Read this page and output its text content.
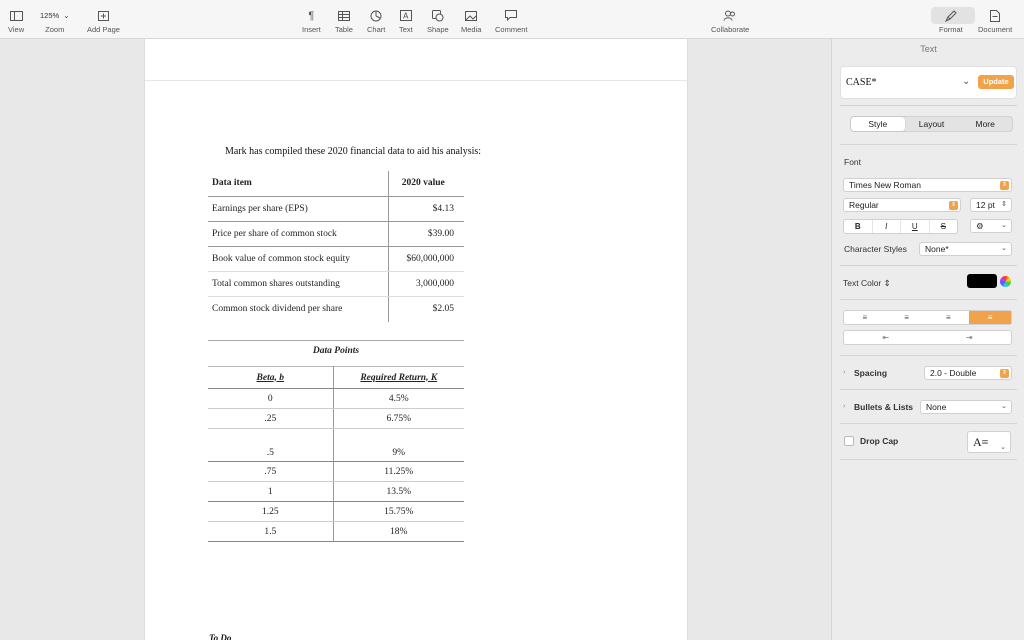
View
125% ⌄
Zoom	Add Page
¶
Insert Table Chart
A
Text Shape Media Comment	Collaborate	Format Document
Mark has compiled these 2020 financial data to aid his analysis:
Data item	2020 value
Earnings per share (EPS)	$4.13
Price per share of common stock	$39.00
Book value of common stock equity	$60,000,000
Total common shares outstanding	3,000,000
Common stock dividend per share	$2.05
Data Points
Beta, b	Required Return, K
0	4.5%
.25	6.75%
.5	9%
.75	11.25%
1	13.5%
1.25	15.75%
1.5	18%
To Do
Text
CASE*	⌄	Update
Style	Layout	More
Font
Times New Roman	⇕
Regular	⇕	12 pt ⇕
B	I	U	S	⚙	⌄
Character Styles	None*	⌄
Text Color ⇕
≡	≡	≡	≡
⇤	⇥
› Spacing	2.0 - Double	⇕
› Bullets & Lists	None	⌄
Drop Cap	A≡ ⌄
